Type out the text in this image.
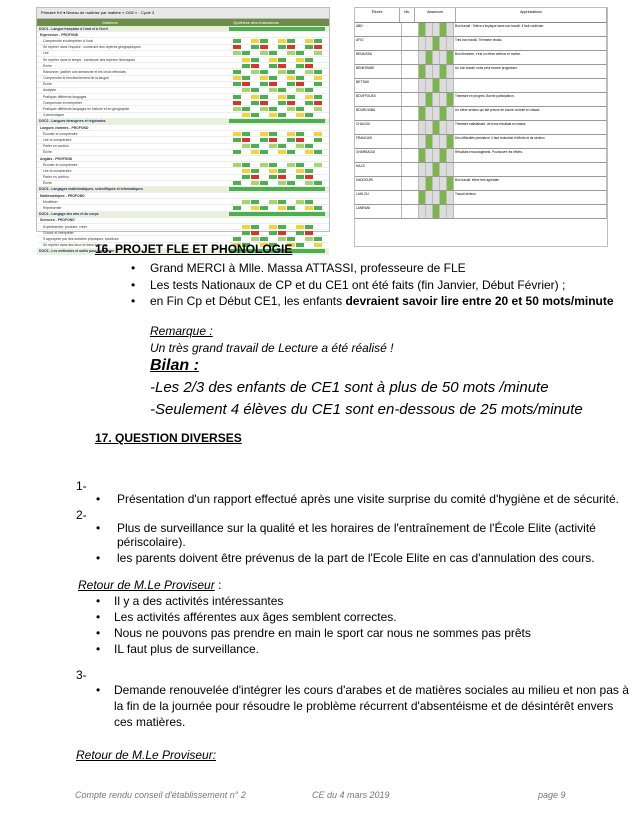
Primaire fr.il ▾ Niveau de maîtrise par matière « CM2 » - Cycle 3
Matières	Synthèse des évaluations
DOC1 - Langue française à l'oral et à l'écrit
Expression - PROFOND
Comprendre et interpréter à l'oral
Se repérer dans l'espace : construire des repères géographiques
Lire
Se repérer dans le temps : construire des repères historiques
Écrire
Raisonner, justifier une démarche et les choix effectués
Comprendre le fonctionnement de la langue
Écrire
Analyser
Pratiquer différents langages
Comprendre et interpréter
Pratiquer différents langages en histoire et en géographie
Communiquer
DOC2 - Langues étrangères et régionales
Langues vivantes - PROFOND
Écouter et comprendre
Lire et comprendre
Parler en continu
Écrire
Anglais - PROFOND
Écouter et comprendre
Lire et comprendre
Parler en continu
Écrire
DOC3 - Langages mathématiques, scientifiques et informatiques
Mathématiques - PROFOND
Modéliser
Représenter
DOC4 - Langage des arts et du corps
Sciences - PROFOND
Expérimenter, produire, créer
Choisir et interpréter
S'approprier par des activités physiques, sportives
Se repérer dans des lieux et dans le temps
DOC5 - Les méthodes et outils pour apprendre
Élèves	Niv.	Absences	Appréciations
ABD	Bon travail : l'élève s'implique dans son travail. Il faut continuer.
AFIO	Très bon travail. Trimestre réussi.
BENAISSA	Bon trimestre, c'est un élève sérieux et motivé.
BENKIRANE	Un bon travail, mais peut encore progresser.
BETTAHI
BOUFFOUIDI	Trimestre en progrès. Bonne participation.
BOURGUIBA	Un élève sérieux qui fait preuve de bonne volonté en classe.
CHALOUI	Trimestre satisfaisant, de bons résultats en classe.
FRANCAIS	Des difficultés persistent. Il faut redoubler d'efforts et de sérieux.
GHARBAOUI	Résultats encourageants. Poursuivre les efforts.
HAJJI
KADDOURI	Bon travail, élève très agréable.
LAHLOU	Travail sérieux.
LAMRANI
16. PROJET FLE ET PHONOLOGIE
• Grand MERCI à Mlle. Massa ATTASSI, professeure de FLE
• Les tests Nationaux de CP et du CE1 ont été faits (fin Janvier, Début Février) ;
• en Fin Cp et Début CE1, les enfants devraient savoir lire entre 20 et 50 mots/minute
Remarque :
Un très grand travail de Lecture a été réalisé !
Bilan :
-Les 2/3 des enfants de CE1 sont à plus de 50 mots /minute
-Seulement 4 élèves du CE1 sont en-dessous de 25 mots/minute
17. QUESTION DIVERSES
1-
• Présentation d'un rapport effectué après une visite surprise du comité d'hygiène et de sécurité.
2-
• Plus de surveillance sur la qualité et les horaires de l'entraînement de l'École Elite (activité
périscolaire).
• les parents doivent être prévenus de la part de l'Ecole Elite en cas d'annulation des cours.
Retour de M.Le Proviseur :
• Il y a des activités intéressantes
• Les activités afférentes aux âges semblent correctes.
• Nous ne pouvons pas prendre en main le sport car nous ne sommes pas prêts
• IL faut plus de surveillance.
3-
• Demande renouvelée d'intégrer les cours d'arabes et de matières sociales au milieu et non pas à
la fin de la journée pour résoudre le problème récurrent d'absentéisme et de désintérêt envers
ces matières.
Retour de M.Le Proviseur:
Compte rendu conseil d'établissement n° 2	CE du 4 mars 2019	page 9
